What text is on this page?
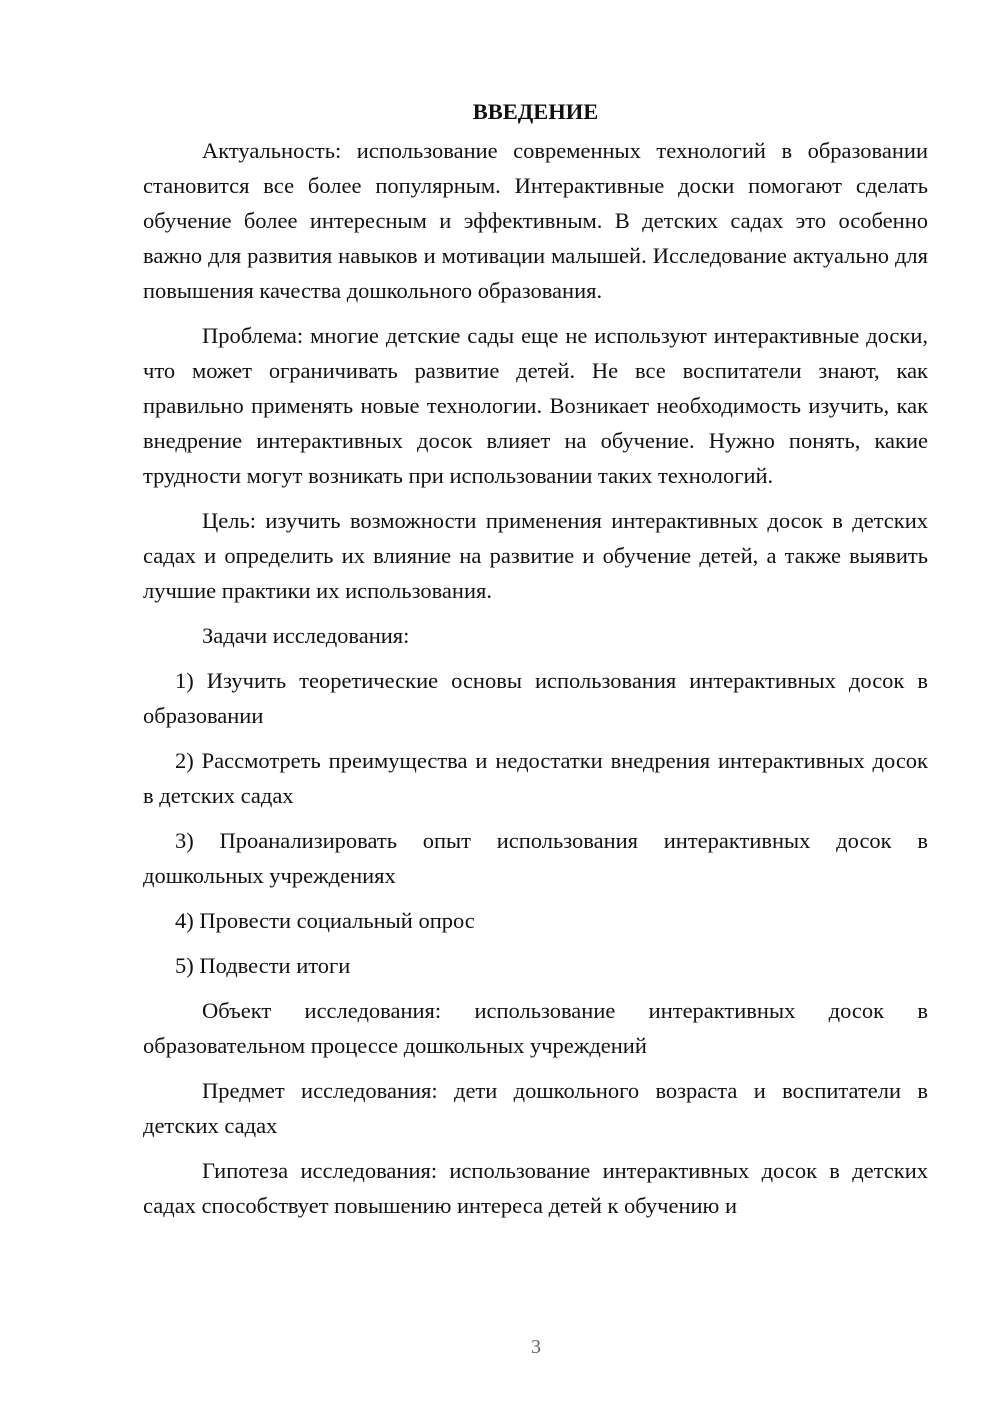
ВВЕДЕНИЕ

Актуальность: использование современных технологий в образовании становится все более популярным. Интерактивные доски помогают сделать обучение более интересным и эффективным. В детских садах это особенно важно для развития навыков и мотивации малышей. Исследование актуально для повышения качества дошкольного образования.

Проблема: многие детские сады еще не используют интерактивные доски, что может ограничивать развитие детей. Не все воспитатели знают, как правильно применять новые технологии. Возникает необходимость изучить, как внедрение интерактивных досок влияет на обучение. Нужно понять, какие трудности могут возникать при использовании таких технологий.

Цель: изучить возможности применения интерактивных досок в детских садах и определить их влияние на развитие и обучение детей, а также выявить лучшие практики их использования.

Задачи исследования:

1) Изучить теоретические основы использования интерактивных досок в образовании

2) Рассмотреть преимущества и недостатки внедрения интерактивных досок в детских садах

3) Проанализировать опыт использования интерактивных досок в дошкольных учреждениях

4) Провести социальный опрос

5) Подвести итоги

Объект исследования: использование интерактивных досок в образовательном процессе дошкольных учреждений

Предмет исследования: дети дошкольного возраста и воспитатели в детских садах

Гипотеза исследования: использование интерактивных досок в детских садах способствует повышению интереса детей к обучению и

3
